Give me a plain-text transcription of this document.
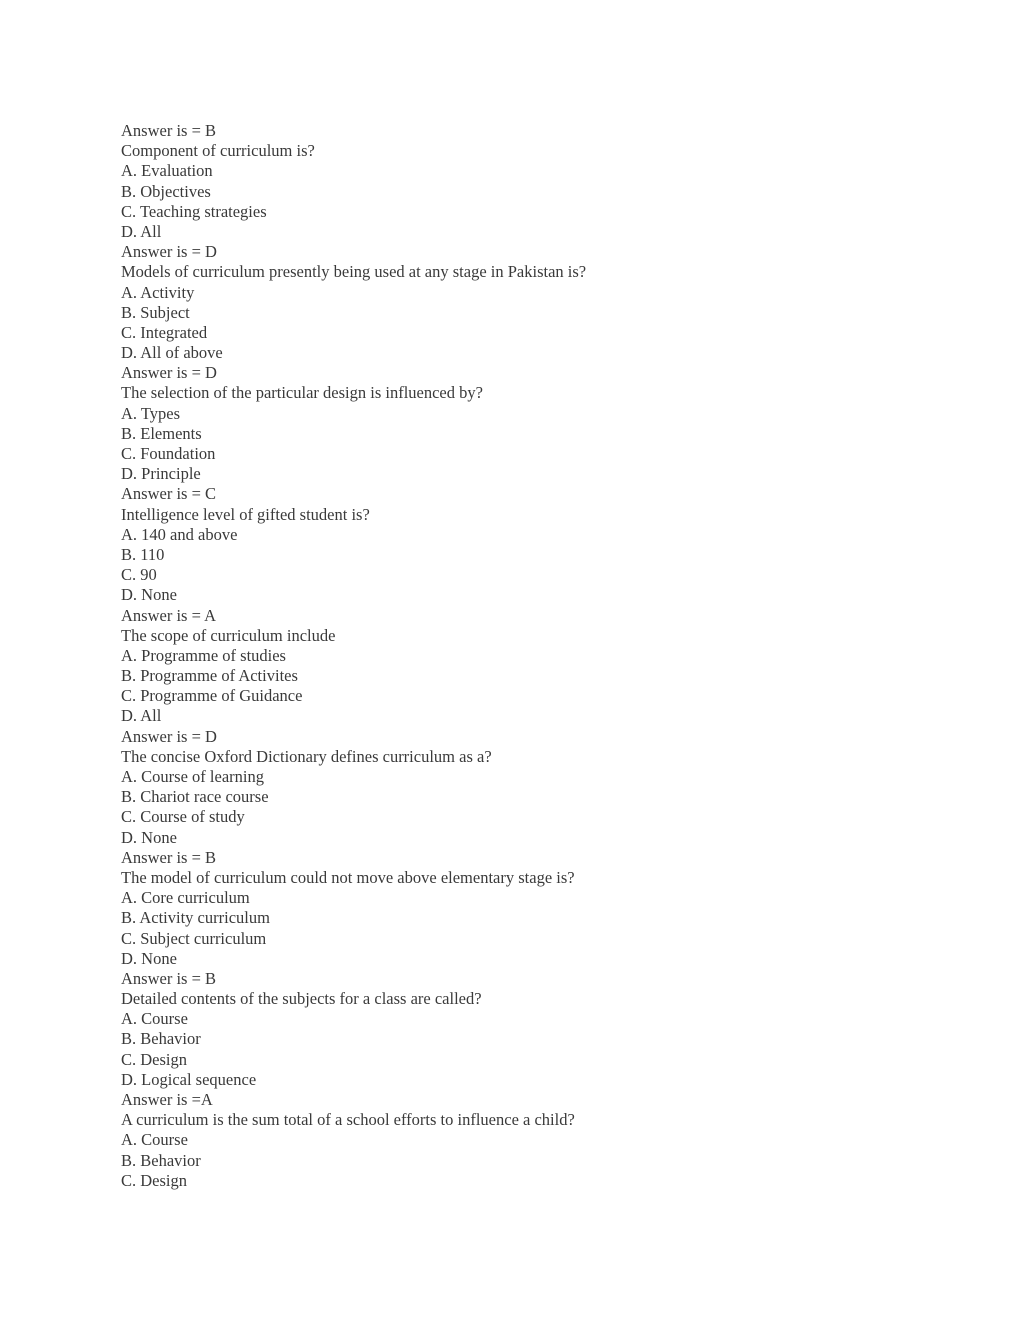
Answer is = B
Component of curriculum is?
A. Evaluation
B. Objectives
C. Teaching strategies
D. All
Answer is = D
Models of curriculum presently being used at any stage in Pakistan is?
A. Activity
B. Subject
C. Integrated
D. All of above
Answer is = D
The selection of the particular design is influenced by?
A. Types
B. Elements
C. Foundation
D. Principle
Answer is = C
Intelligence level of gifted student is?
A. 140 and above
B. 110
C. 90
D. None
Answer is = A
The scope of curriculum include
A. Programme of studies
B. Programme of Activites
C. Programme of Guidance
D. All
Answer is = D
The concise Oxford Dictionary defines curriculum as a?
A. Course of learning
B. Chariot race course
C. Course of study
D. None
Answer is = B
The model of curriculum could not move above elementary stage is?
A. Core curriculum
B. Activity curriculum
C. Subject curriculum
D. None
Answer is = B
Detailed contents of the subjects for a class are called?
A. Course
B. Behavior
C. Design
D. Logical sequence
Answer is =A
A curriculum is the sum total of a school efforts to influence a child?
A. Course
B. Behavior
C. Design
